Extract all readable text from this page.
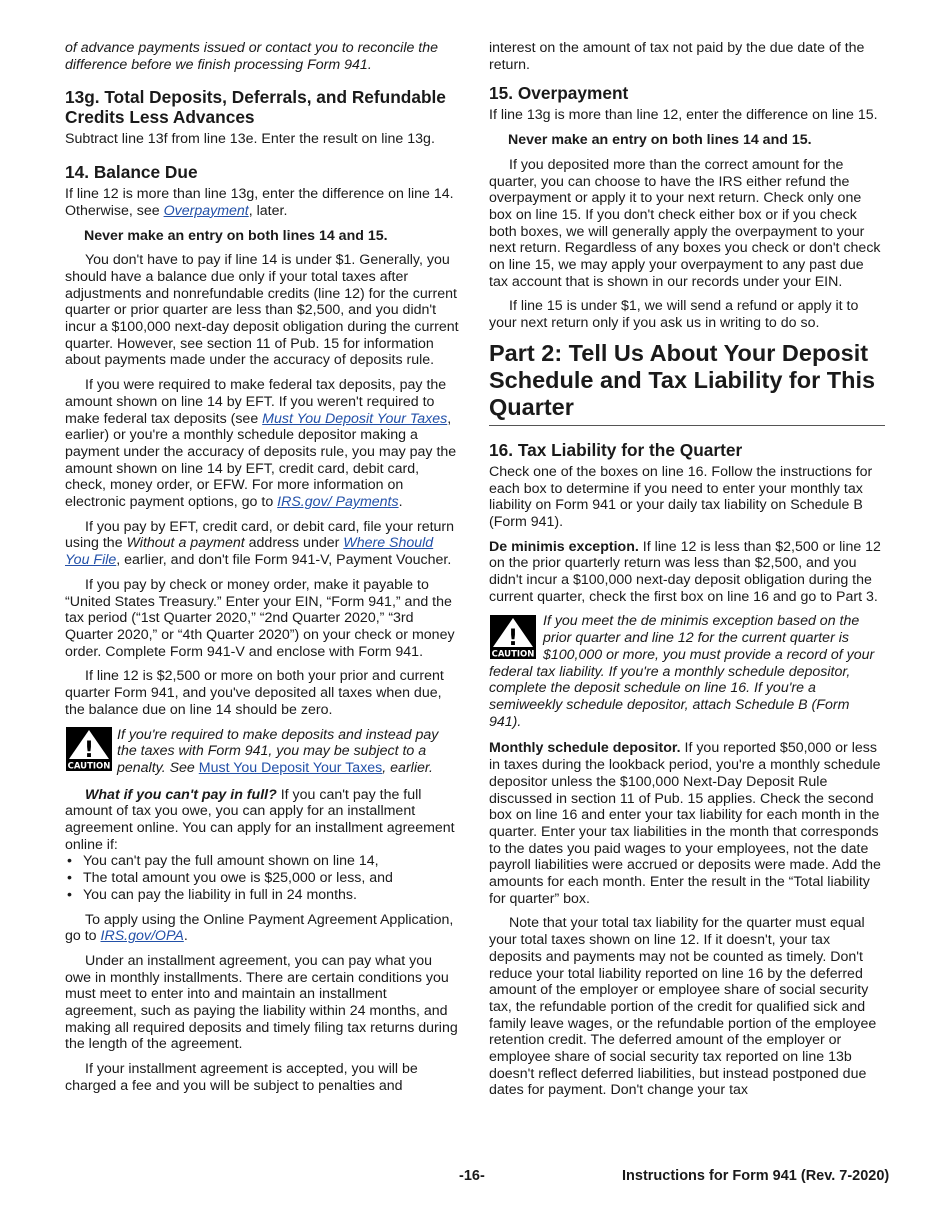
of advance payments issued or contact you to reconcile the difference before we finish processing Form 941.

13g. Total Deposits, Deferrals, and Refundable Credits Less Advances

Subtract line 13f from line 13e. Enter the result on line 13g.

14. Balance Due

If line 12 is more than line 13g, enter the difference on line 14. Otherwise, see Overpayment, later.

Never make an entry on both lines 14 and 15.

You don't have to pay if line 14 is under $1. Generally, you should have a balance due only if your total taxes after adjustments and nonrefundable credits (line 12) for the current quarter or prior quarter are less than $2,500, and you didn't incur a $100,000 next-day deposit obligation during the current quarter. However, see section 11 of Pub. 15 for information about payments made under the accuracy of deposits rule.

If you were required to make federal tax deposits, pay the amount shown on line 14 by EFT. If you weren't required to make federal tax deposits (see Must You Deposit Your Taxes, earlier) or you're a monthly schedule depositor making a payment under the accuracy of deposits rule, you may pay the amount shown on line 14 by EFT, credit card, debit card, check, money order, or EFW. For more information on electronic payment options, go to IRS.gov/ Payments.

If you pay by EFT, credit card, or debit card, file your return using the Without a payment address under Where Should You File, earlier, and don't file Form 941-V, Payment Voucher.

If you pay by check or money order, make it payable to “United States Treasury.” Enter your EIN, “Form 941,” and the tax period (“1st Quarter 2020,” “2nd Quarter 2020,” “3rd Quarter 2020,” or “4th Quarter 2020”) on your check or money order. Complete Form 941-V and enclose with Form 941.

If line 12 is $2,500 or more on both your prior and current quarter Form 941, and you've deposited all taxes when due, the balance due on line 14 should be zero.

!
CAUTION
If you're required to make deposits and instead pay the taxes with Form 941, you may be subject to a penalty. See Must You Deposit Your Taxes, earlier.

What if you can't pay in full? If you can't pay the full amount of tax you owe, you can apply for an installment agreement online. You can apply for an installment agreement online if:

• You can't pay the full amount shown on line 14,
• The total amount you owe is $25,000 or less, and
• You can pay the liability in full in 24 months.

To apply using the Online Payment Agreement Application, go to IRS.gov/OPA.

Under an installment agreement, you can pay what you owe in monthly installments. There are certain conditions you must meet to enter into and maintain an installment agreement, such as paying the liability within 24 months, and making all required deposits and timely filing tax returns during the length of the agreement.

If your installment agreement is accepted, you will be charged a fee and you will be subject to penalties and

interest on the amount of tax not paid by the due date of the return.

15. Overpayment

If line 13g is more than line 12, enter the difference on line 15.

Never make an entry on both lines 14 and 15.

If you deposited more than the correct amount for the quarter, you can choose to have the IRS either refund the overpayment or apply it to your next return. Check only one box on line 15. If you don't check either box or if you check both boxes, we will generally apply the overpayment to your next return. Regardless of any boxes you check or don't check on line 15, we may apply your overpayment to any past due tax account that is shown in our records under your EIN.

If line 15 is under $1, we will send a refund or apply it to your next return only if you ask us in writing to do so.

Part 2: Tell Us About Your Deposit Schedule and Tax Liability for This Quarter
16. Tax Liability for the Quarter

Check one of the boxes on line 16. Follow the instructions for each box to determine if you need to enter your monthly tax liability on Form 941 or your daily tax liability on Schedule B (Form 941).

De minimis exception. If line 12 is less than $2,500 or line 12 on the prior quarterly return was less than $2,500, and you didn't incur a $100,000 next-day deposit obligation during the current quarter, check the first box on line 16 and go to Part 3.

!
CAUTION
If you meet the de minimis exception based on the prior quarter and line 12 for the current quarter is $100,000 or more, you must provide a record of your federal tax liability. If you're a monthly schedule depositor, complete the deposit schedule on line 16. If you're a semiweekly schedule depositor, attach Schedule B (Form 941).

Monthly schedule depositor. If you reported $50,000 or less in taxes during the lookback period, you're a monthly schedule depositor unless the $100,000 Next-Day Deposit Rule discussed in section 11 of Pub. 15 applies. Check the second box on line 16 and enter your tax liability for each month in the quarter. Enter your tax liabilities in the month that corresponds to the dates you paid wages to your employees, not the date payroll liabilities were accrued or deposits were made. Add the amounts for each month. Enter the result in the “Total liability for quarter” box.

Note that your total tax liability for the quarter must equal your total taxes shown on line 12. If it doesn't, your tax deposits and payments may not be counted as timely. Don't reduce your total liability reported on line 16 by the deferred amount of the employer or employee share of social security tax, the refundable portion of the credit for qualified sick and family leave wages, or the refundable portion of the employee retention credit. The deferred amount of the employer or employee share of social security tax reported on line 13b doesn't reflect deferred liabilities, but instead postponed due dates for payment. Don't change your tax

-16-	Instructions for Form 941 (Rev. 7-2020)
